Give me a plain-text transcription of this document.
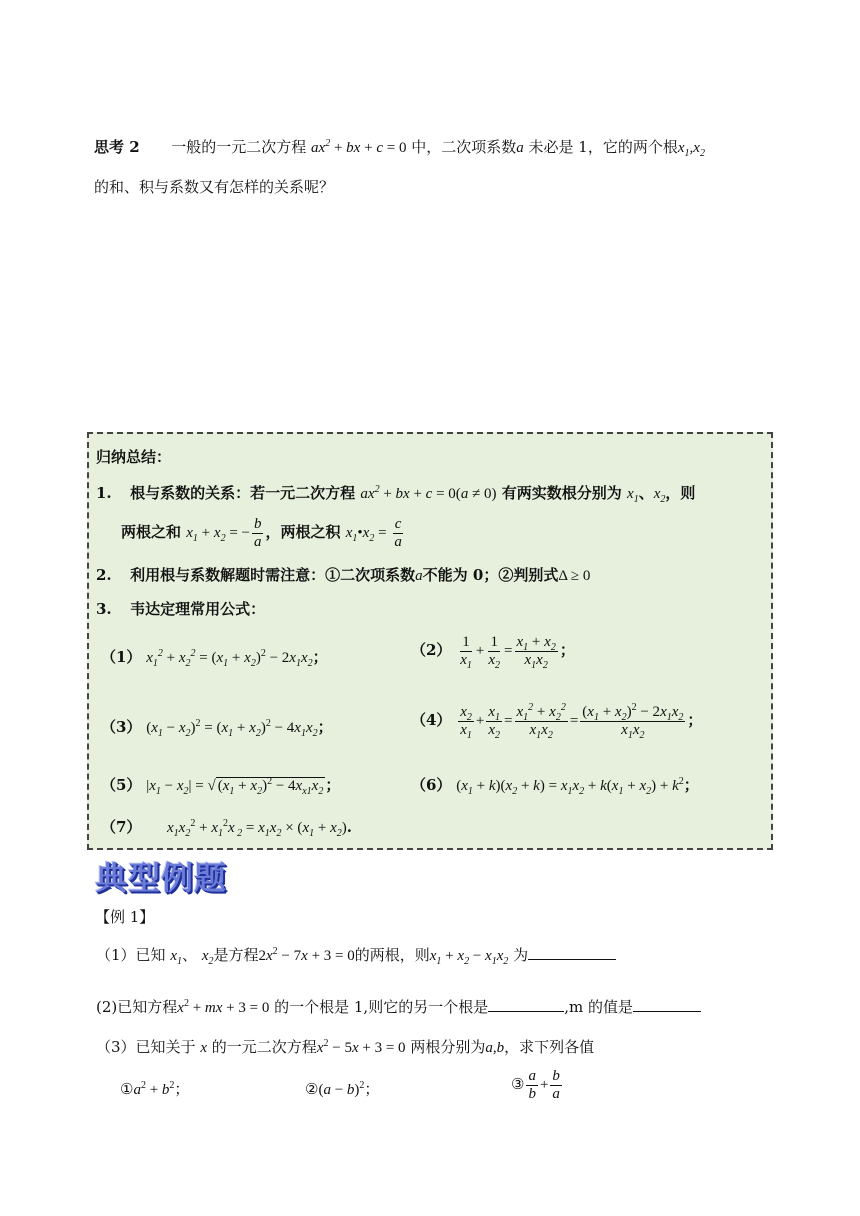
思考 2 一般的一元二次方程 $ax^2$ + bx + c = 0 中，二次项系数a 未必是 1，它的两个根$x_1,x_2$
的和、积与系数又有怎样的关系呢？
归纳总结：
1. 根与系数的关系：若一元二次方程 $ax^2$ + bx + c = 0(a ≠ 0) 有两实数根分别为 $x_1$、$x_2$，则
两根之和 $x_1 + x_2$ = − $\frac{b}{a}$ ，两根之积 $x_1•x_2 = \frac{c}{a}$
2. 利用根与系数解题时需注意：①二次项系数a不能为 0；②判别式Δ ≥ 0
3. 韦达定理常用公式：
（1） $x_1^2 + x_2^2 = (x_1 + x_2)^2 - 2x_1x_2$；	$(2) \frac{1}{x_1} + \frac{1}{x_2} = \frac{x_1 + x_2}{x_1x_2}$ ；
（3） $(x_1 - x_2)^2 = (x_1 + x_2)^2 - 4x_1x_2$；	$(4) \frac{x_2}{x_1} + \frac{x_1}{x_2} = \frac{x_1^2 + x_2^2}{x_1x_2} = \frac{(x_1 + x_2)^2 - 2x_1x_2}{x_1x_2}$ ；
（5） $|x_1 - x_2|$ = √ $(x_1 + x_2)^2 - 4x_{x1}x_2$ ；	（6） $(x_1 + k)(x_2 + k) = x_1x_2 + k(x_1 + x_2) + k^2$；
（7） $x_1x_2^2 + x_1^2x$ $_2 = x_1x_2 \times (x_1 + x_2)$.
典型例题
【例 1】
（1）已知 $x_1$、 $x_2$是方程$2x^2 - 7x + 3 = 0$的两根，则$x_1 + x_2 - x_1x_2$ 为
(2)已知方程$x^2$ + mx + 3 = 0 的一个根是 1,则它的另一个根是	,m 的值是
（3）已知关于 x 的一元二次方程$x^2 - 5x + 3 = 0$ 两根分别为a,b，求下列各值
$①a^2 + b^2$；	②(a − b)$^2$；	③ $\frac{a}{b} + \frac{b}{a}$
